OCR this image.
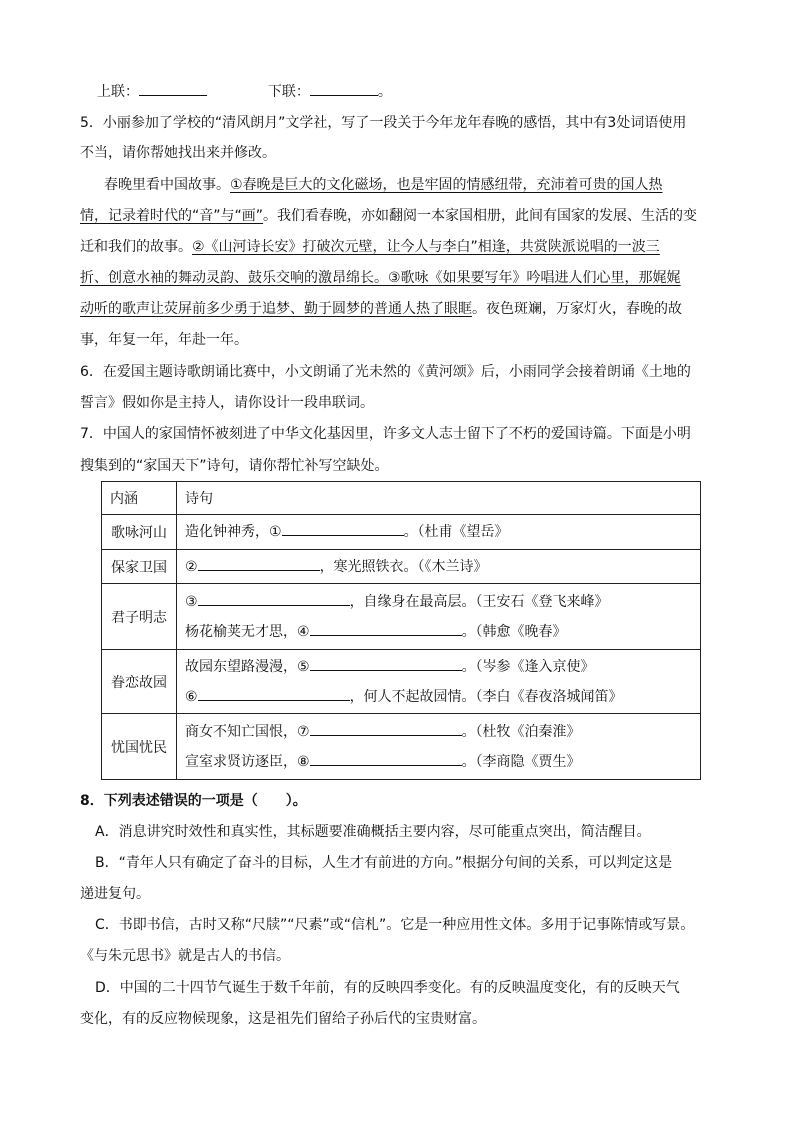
上联：	下联：	。
5．小丽参加了学校的“清风朗月”文学社，写了一段关于今年龙年春晚的感悟，其中有3处词语使用
不当，请你帮她找出来并修改。
春晚里看中国故事。①春晚是巨大的文化磁场，也是牢固的情感纽带，充沛着可贵的国人热
情，记录着时代的“音”与“画”。我们看春晚，亦如翻阅一本家国相册，此间有国家的发展、生活的变
迁和我们的故事。②《山河诗长安》打破次元壁，让今人与李白”相逢，共赏陕派说唱的一波三
折、创意水袖的舞动灵韵、鼓乐交响的激昂绵长。③歌咏《如果要写年》吟唱进人们心里，那娓娓
动听的歌声让荧屏前多少勇于追梦、勤于圆梦的普通人热了眼眶。夜色斑斓，万家灯火，春晚的故
事，年复一年，年赴一年。
6．在爱国主题诗歌朗诵比赛中，小文朗诵了光未然的《黄河颂》后，小雨同学会接着朗诵《土地的
誓言》假如你是主持人，请你设计一段串联词。
7．中国人的家国情怀被刻进了中华文化基因里，许多文人志士留下了不朽的爱国诗篇。下面是小明
搜集到的“家国天下”诗句，请你帮忙补写空缺处。
内涵	诗句
歌咏河山	造化钟神秀，① 。（杜甫《望岳》

保家卫国	② ，寒光照铁衣。（《木兰诗》

君子明志	③ ，自缘身在最高层。（王安石《登飞来峰》
杨花榆荚无才思，④ 。（韩愈《晚春》

眷恋故园	故园东望路漫漫，⑤ 。（岑参《逢入京使》
⑥ ，何人不起故园情。（李白《春夜洛城闻笛》

忧国忧民	商女不知亡国恨，⑦ 。（杜牧《泊秦淮》
宣室求贤访逐臣，⑧ 。（李商隐《贾生》
8．下列表述错误的一项是（　　）。
A．消息讲究时效性和真实性，其标题要准确概括主要内容，尽可能重点突出，简洁醒目。
B．“青年人只有确定了奋斗的目标，人生才有前进的方向。”根据分句间的关系，可以判定这是
递进复句。
C．书即书信，古时又称“尺牍”“尺素”或“信札”。它是一种应用性文体。多用于记事陈情或写景。
《与朱元思书》就是古人的书信。
D．中国的二十四节气诞生于数千年前，有的反映四季变化。有的反映温度变化，有的反映天气
变化，有的反应物候现象，这是祖先们留给子孙后代的宝贵财富。
